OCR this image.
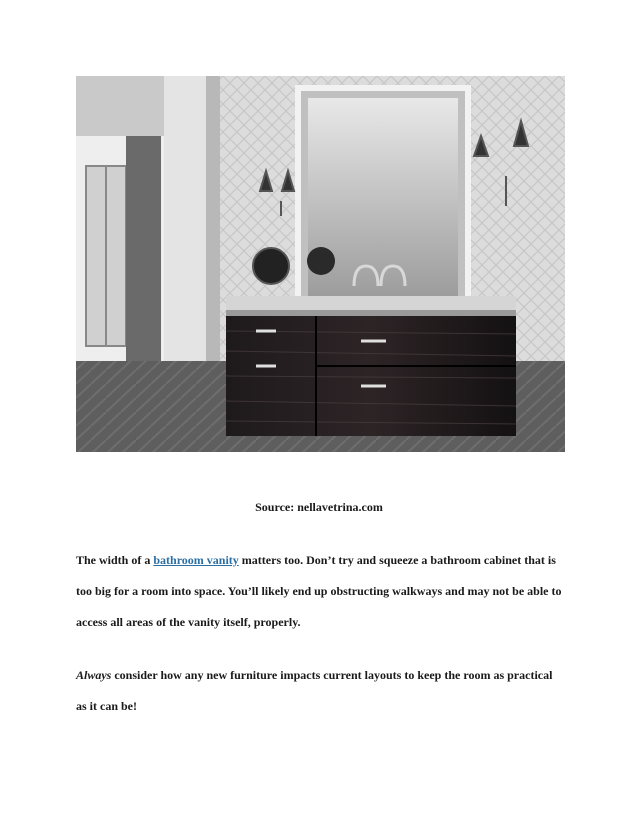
Source: nellavetrina.com

The width of a bathroom vanity matters too. Don’t try and squeeze a bathroom cabinet that is too big for a room into space. You’ll likely end up obstructing walkways and may not be able to access all areas of the vanity itself, properly.

Always consider how any new furniture impacts current layouts to keep the room as practical as it can be!
